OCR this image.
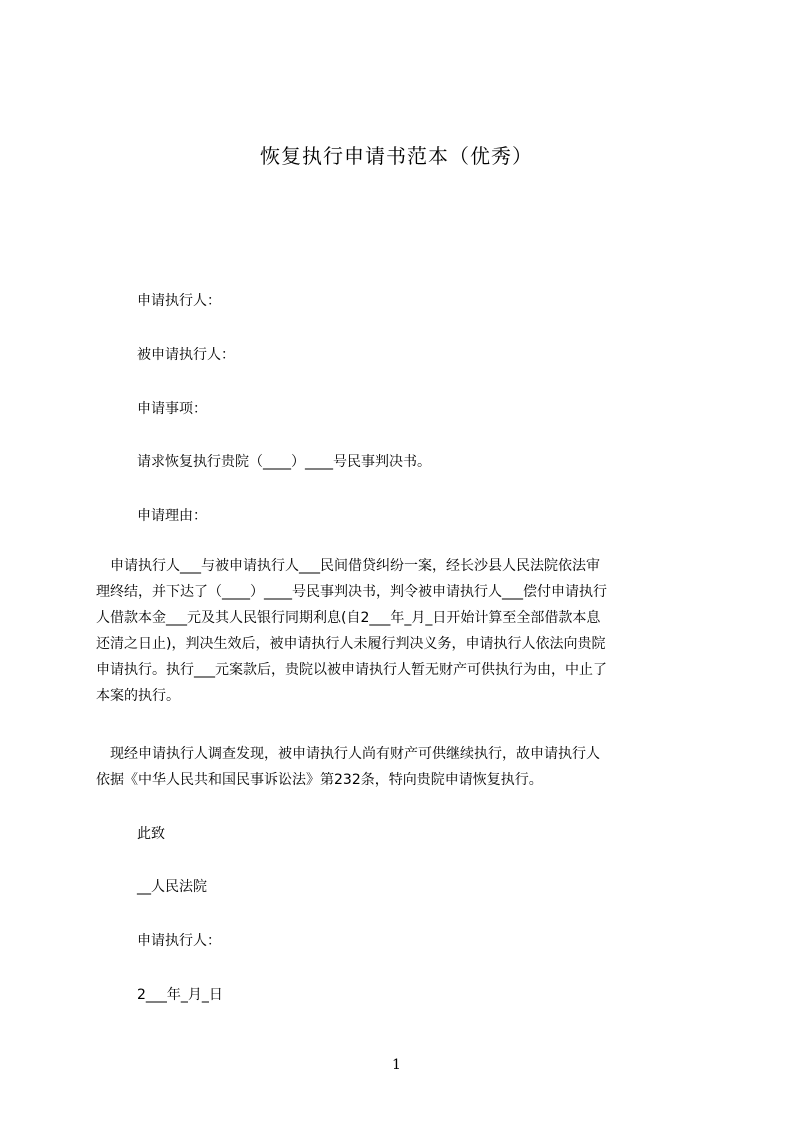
恢复执行申请书范本（优秀）
申请执行人：
被申请执行人：
申请事项：
请求恢复执行贵院（____）____号民事判决书。
申请理由：
　申请执行人___与被申请执行人___民间借贷纠纷一案，经长沙县人民法院依法审
理终结，并下达了（____）____号民事判决书，判令被申请执行人___偿付申请执行
人借款本金___元及其人民银行同期利息(自2___年_月_日开始计算至全部借款本息
还清之日止)，判决生效后，被申请执行人未履行判决义务，申请执行人依法向贵院
申请执行。执行___元案款后，贵院以被申请执行人暂无财产可供执行为由，中止了
本案的执行。
　现经申请执行人调查发现，被申请执行人尚有财产可供继续执行，故申请执行人
依据《中华人民共和国民事诉讼法》第232条，特向贵院申请恢复执行。
此致
__人民法院
申请执行人：
2___年_月_日
1
